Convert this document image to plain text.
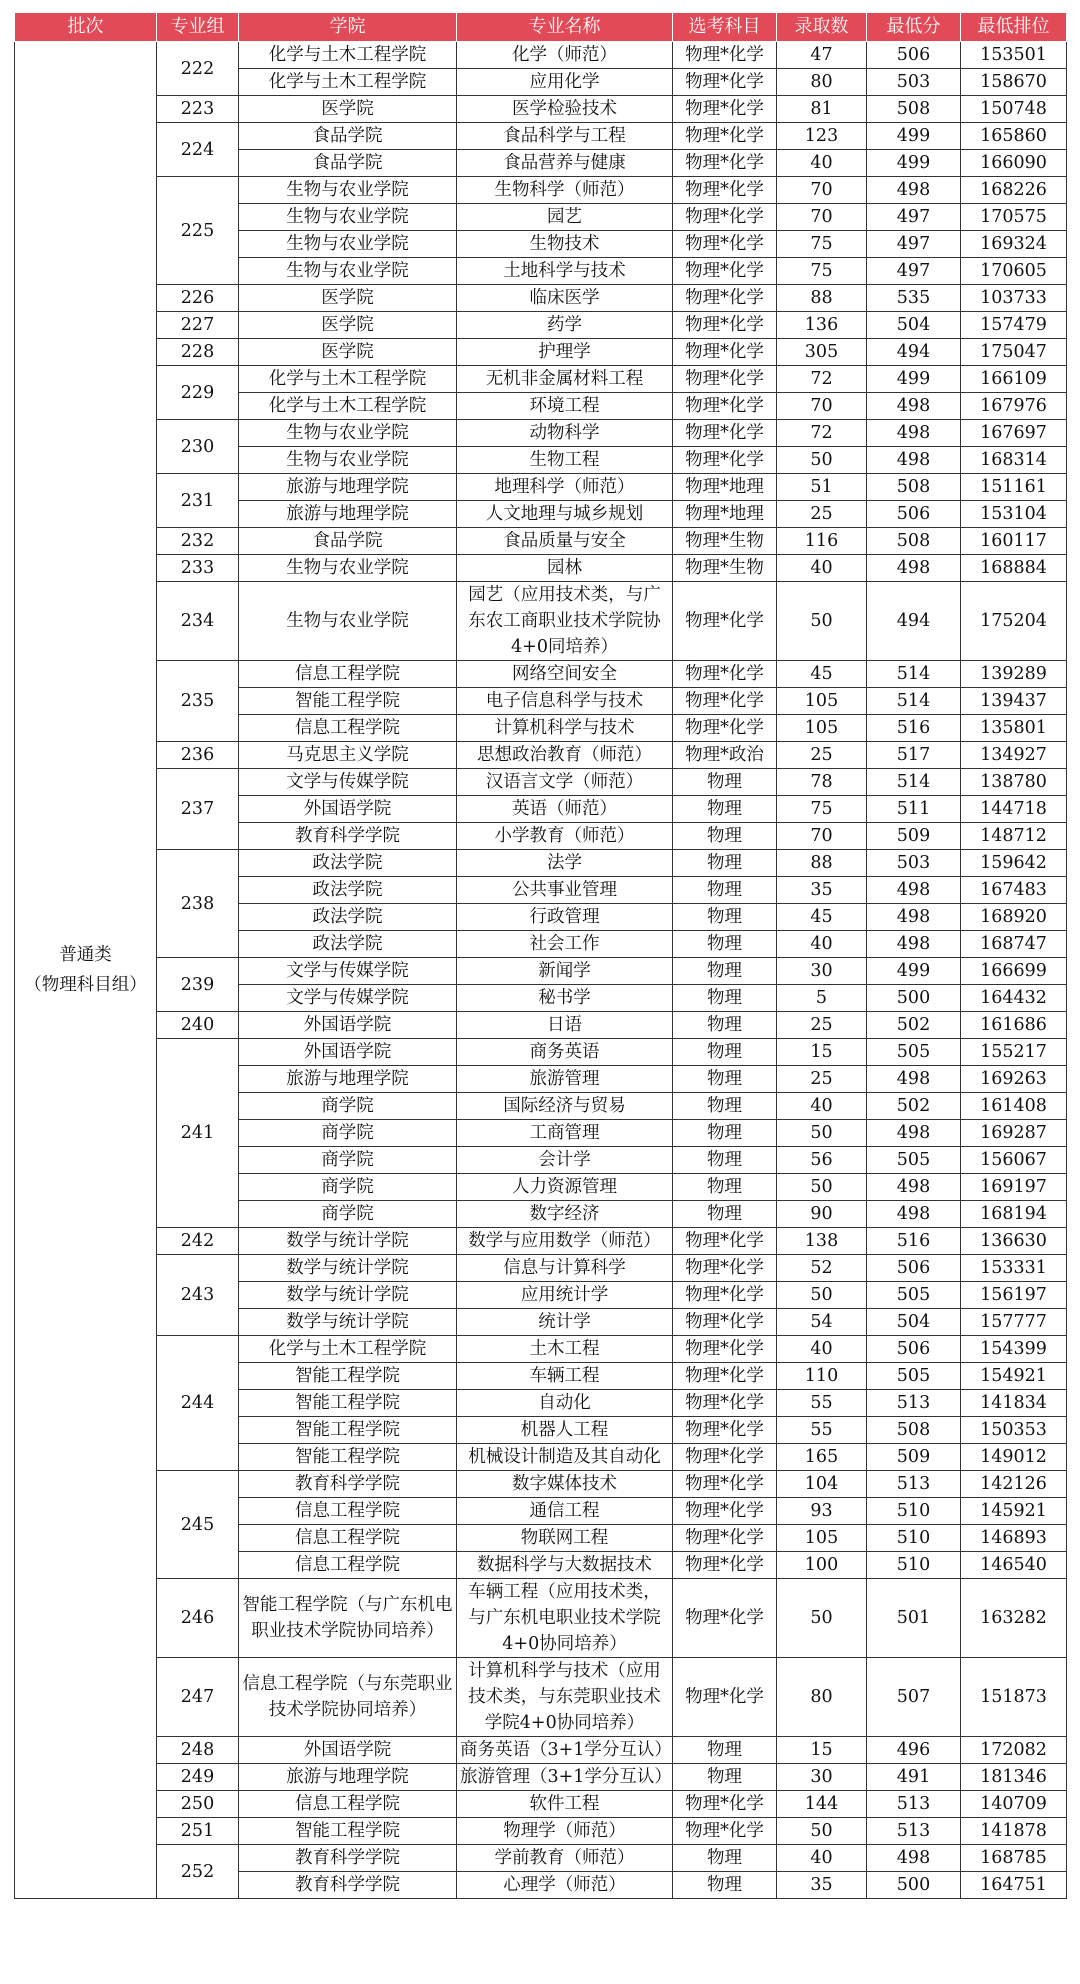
批次	专业组	学院	专业名称	选考科目	录取数	最低分	最低排位

普通类
（物理科目组）	222	化学与土木工程学院	化学（师范）	物理*化学	47	506	153501
		化学与土木工程学院	应用化学	物理*化学	80	503	158670
	223	医学院	医学检验技术	物理*化学	81	508	150748
	224	食品学院	食品科学与工程	物理*化学	123	499	165860
		食品学院	食品营养与健康	物理*化学	40	499	166090
	225	生物与农业学院	生物科学（师范）	物理*化学	70	498	168226
		生物与农业学院	园艺	物理*化学	70	497	170575
		生物与农业学院	生物技术	物理*化学	75	497	169324
		生物与农业学院	土地科学与技术	物理*化学	75	497	170605
	226	医学院	临床医学	物理*化学	88	535	103733
	227	医学院	药学	物理*化学	136	504	157479
	228	医学院	护理学	物理*化学	305	494	175047
	229	化学与土木工程学院	无机非金属材料工程	物理*化学	72	499	166109
		化学与土木工程学院	环境工程	物理*化学	70	498	167976
	230	生物与农业学院	动物科学	物理*化学	72	498	167697
		生物与农业学院	生物工程	物理*化学	50	498	168314
	231	旅游与地理学院	地理科学（师范）	物理*地理	51	508	151161
		旅游与地理学院	人文地理与城乡规划	物理*地理	25	506	153104
	232	食品学院	食品质量与安全	物理*生物	116	508	160117
	233	生物与农业学院	园林	物理*生物	40	498	168884
	234	生物与农业学院	园艺（应用技术类，与广东农工商职业技术学院协4+0同培养）	物理*化学	50	494	175204
	235	信息工程学院	网络空间安全	物理*化学	45	514	139289
		智能工程学院	电子信息科学与技术	物理*化学	105	514	139437
		信息工程学院	计算机科学与技术	物理*化学	105	516	135801
	236	马克思主义学院	思想政治教育（师范）	物理*政治	25	517	134927
	237	文学与传媒学院	汉语言文学（师范）	物理	78	514	138780
		外国语学院	英语（师范）	物理	75	511	144718
		教育科学学院	小学教育（师范）	物理	70	509	148712
	238	政法学院	法学	物理	88	503	159642
		政法学院	公共事业管理	物理	35	498	167483
		政法学院	行政管理	物理	45	498	168920
		政法学院	社会工作	物理	40	498	168747
	239	文学与传媒学院	新闻学	物理	30	499	166699
		文学与传媒学院	秘书学	物理	5	500	164432
	240	外国语学院	日语	物理	25	502	161686
	241	外国语学院	商务英语	物理	15	505	155217
		旅游与地理学院	旅游管理	物理	25	498	169263
		商学院	国际经济与贸易	物理	40	502	161408
		商学院	工商管理	物理	50	498	169287
		商学院	会计学	物理	56	505	156067
		商学院	人力资源管理	物理	50	498	169197
		商学院	数字经济	物理	90	498	168194
	242	数学与统计学院	数学与应用数学（师范）	物理*化学	138	516	136630
	243	数学与统计学院	信息与计算科学	物理*化学	52	506	153331
		数学与统计学院	应用统计学	物理*化学	50	505	156197
		数学与统计学院	统计学	物理*化学	54	504	157777
	244	化学与土木工程学院	土木工程	物理*化学	40	506	154399
		智能工程学院	车辆工程	物理*化学	110	505	154921
		智能工程学院	自动化	物理*化学	55	513	141834
		智能工程学院	机器人工程	物理*化学	55	508	150353
		智能工程学院	机械设计制造及其自动化	物理*化学	165	509	149012
	245	教育科学学院	数字媒体技术	物理*化学	104	513	142126
		信息工程学院	通信工程	物理*化学	93	510	145921
		信息工程学院	物联网工程	物理*化学	105	510	146893
		信息工程学院	数据科学与大数据技术	物理*化学	100	510	146540
	246	智能工程学院（与广东机电职业技术学院协同培养）	车辆工程（应用技术类，与广东机电职业技术学院4+0协同培养）	物理*化学	50	501	163282
	247	信息工程学院（与东莞职业技术学院协同培养）	计算机科学与技术（应用技术类，与东莞职业技术学院4+0协同培养）	物理*化学	80	507	151873
	248	外国语学院	商务英语（3+1学分互认）	物理	15	496	172082
	249	旅游与地理学院	旅游管理（3+1学分互认）	物理	30	491	181346
	250	信息工程学院	软件工程	物理*化学	144	513	140709
	251	智能工程学院	物理学（师范）	物理*化学	50	513	141878
	252	教育科学学院	学前教育（师范）	物理	40	498	168785
		教育科学学院	心理学（师范）	物理	35	500	164751
